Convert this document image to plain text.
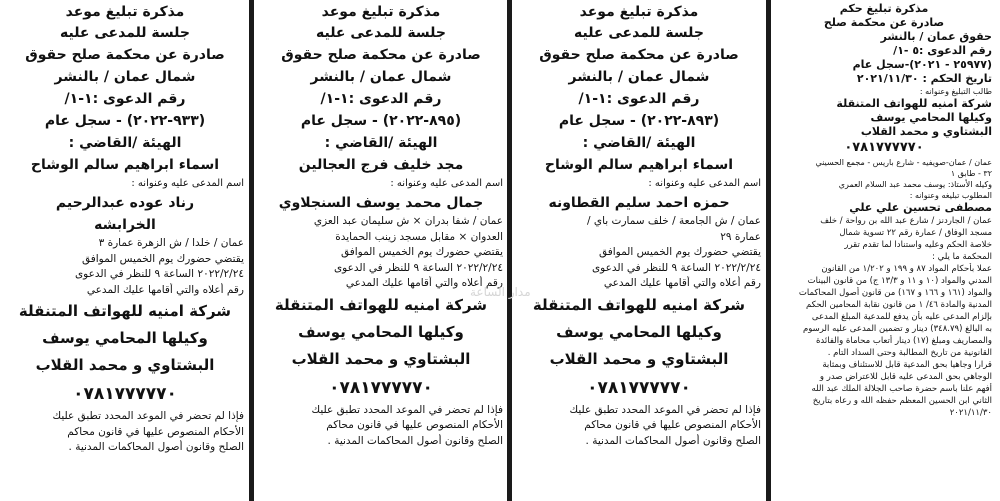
مذكرة تبليغ حكم

صادرة عن محكمة صلح

حقوق عمان / بالنشر

رقم الدعوى :٥ -١/

(٢٥٩٧٧ - ٢٠٢١)-سجل عام

تاريخ الحكم : ٢٠٢١/١١/٣٠

طالب التبليغ وعنوانه :

شركة امنيه للهواتف المتنقلة

وكيلها المحامي يوسف

البشتاوي و محمد القلاب

٠٧٨١٧٧٧٧٧٠

عمان / عمان-صويفيه - شارع باريس - مجمع الحسيني

٣٢ - طابق ١

وكيله الأستاذ: يوسف محمد عبد السلام العمري

المطلوب تبليغه وعنوانه :

مصطفى تحسين علي علي

عمان / الجاردنز / شارع عبد الله بن رواحة / خلف

مسجد الوفاق / عمارة رقم ٢٢ تسوية شمال

خلاصة الحكم وعليه واستنادا لما تقدم تقرر

المحكمة ما يلي :

عملا بأحكام المواد ٨٧ و ١٩٩ و ١/٢٠٢ من القانون

المدني والمواد (١٠ و ١١ و ١٣/٣ ج) من قانون البينات

والمواد (١٦١ و ١٦٦ و ١٦٧) من قانون أصول المحاكمات

المدنية والمادة ٤٦/ ١ من قانون نقابة المحامين الحكم

بإلزام المدعى عليه بأن يدفع للمدعية المبلغ المدعى

به البالغ (٣٤٨.٧٩) دينار و تضمين المدعى عليه الرسوم

والمصاريف ومبلغ (١٧) دينار أتعاب محاماة والفائدة

القانونية من تاريخ المطالبة وحتى السداد التام .

قرارا وجاهيا بحق المدعية قابل للاستئناف وبمثابة

الوجاهي بحق المدعى عليه قابل للاعتراض صدر و

أفهم علنا باسم حضرة صاحب الجلالة الملك عبد الله

الثاني ابن الحسين المعظم حفظه الله و رعاه بتاريخ

٢٠٢١/١١/٣٠

مذكرة تبليغ موعد

جلسة للمدعى عليه

صادرة عن محكمة صلح حقوق

شمال عمان / بالنشر

رقم الدعوى :١-١/

(٨٩٣-٢٠٢٢) - سجل عام

الهيئة /القاضي :

اسماء ابراهيم سالم الوشاح

اسم المدعى عليه وعنوانه :

حمزه احمد سليم القطاونه

عمان / ش الجامعة / خلف سمارت باي /

عمارة ٢٩

يقتضي حضورك يوم الخميس الموافق

٢٠٢٢/٢/٢٤ الساعة ٩ للنظر في الدعوى

رقم أعلاه والتي أقامها عليك المدعي

شركة امنيه للهواتف المتنقلة

وكيلها المحامي يوسف

البشتاوي و محمد القلاب

٠٧٨١٧٧٧٧٧٠

فإذا لم تحضر في الموعد المحدد تطبق عليك

الأحكام المنصوص عليها في قانون محاكم

الصلح وقانون أصول المحاكمات المدنية .

مذكرة تبليغ موعد

جلسة للمدعى عليه

صادرة عن محكمة صلح حقوق

شمال عمان / بالنشر

رقم الدعوى :١-١/

(٨٩٥-٢٠٢٢) - سجل عام

الهيئة /القاضي :

مجد خليف فرج العجالين

اسم المدعى عليه وعنوانه :

جمال محمد يوسف السنجلاوي

عمان / شفا بدران × ش سليمان عبد العزي

العدوان × مقابل مسجد زينب الحمايدة

يقتضي حضورك يوم الخميس الموافق

٢٠٢٢/٢/٢٤ الساعة ٩ للنظر في الدعوى

رقم أعلاه والتي أقامها عليك المدعي

شركة امنيه للهواتف المتنقلة

وكيلها المحامي يوسف

البشتاوي و محمد القلاب

٠٧٨١٧٧٧٧٧٠

فإذا لم تحضر في الموعد المحدد تطبق عليك

الأحكام المنصوص عليها في قانون محاكم

الصلح وقانون أصول المحاكمات المدنية .

مذكرة تبليغ موعد

جلسة للمدعى عليه

صادرة عن محكمة صلح حقوق

شمال عمان / بالنشر

رقم الدعوى :١-١/

(٩٣٣-٢٠٢٢) - سجل عام

الهيئة /القاضي :

اسماء ابراهيم سالم الوشاح

اسم المدعى عليه وعنوانه :

رناد عوده عبدالرحيم

الخرابشه

عمان / خلدا / ش الزهرة عمارة ٣

يقتضي حضورك يوم الخميس الموافق

٢٠٢٢/٢/٢٤ الساعة ٩ للنظر في الدعوى

رقم أعلاه والتي أقامها عليك المدعي

شركة امنيه للهواتف المتنقلة

وكيلها المحامي يوسف

البشتاوي و محمد القلاب

٠٧٨١٧٧٧٧٧٠

فإذا لم تحضر في الموعد المحدد تطبق عليك

الأحكام المنصوص عليها في قانون محاكم

الصلح وقانون أصول المحاكمات المدنية .

مدار الساعة
